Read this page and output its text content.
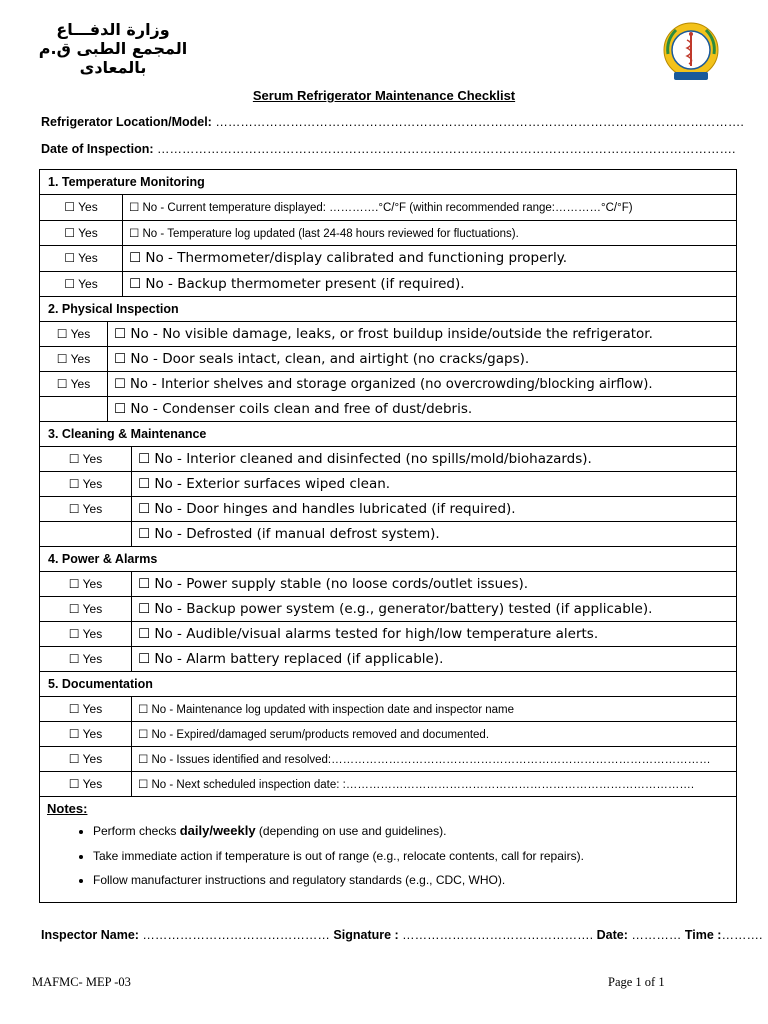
وزارة الدفـــاع
المجمع الطبى ق.م
بالمعادى
Serum Refrigerator Maintenance Checklist
Refrigerator Location/Model: ……………………………………………………………………………………………………………….
Date of Inspection: ………………………………………………………………………………………………………………………….
1. Temperature Monitoring
☐ Yes	☐ No - Current temperature displayed: ………….°C/°F (within recommended range:…………°C/°F)
☐ Yes	☐ No - Temperature log updated (last 24-48 hours reviewed for fluctuations).
☐ Yes	☐ No - Thermometer/display calibrated and functioning properly.
☐ Yes	☐ No - Backup thermometer present (if required).
2. Physical Inspection
☐ Yes	☐ No - No visible damage, leaks, or frost buildup inside/outside the refrigerator.
☐ Yes	☐ No - Door seals intact, clean, and airtight (no cracks/gaps).
☐ Yes	☐ No - Interior shelves and storage organized (no overcrowding/blocking airflow).
☐ No - Condenser coils clean and free of dust/debris.
3. Cleaning & Maintenance
☐ Yes	☐ No - Interior cleaned and disinfected (no spills/mold/biohazards).
☐ Yes	☐ No - Exterior surfaces wiped clean.
☐ Yes	☐ No - Door hinges and handles lubricated (if required).
☐ No - Defrosted (if manual defrost system).
4. Power & Alarms
☐ Yes	☐ No - Power supply stable (no loose cords/outlet issues).
☐ Yes	☐ No - Backup power system (e.g., generator/battery) tested (if applicable).
☐ Yes	☐ No - Audible/visual alarms tested for high/low temperature alerts.
☐ Yes	☐ No - Alarm battery replaced (if applicable).
5. Documentation
☐ Yes	☐ No - Maintenance log updated with inspection date and inspector name
☐ Yes	☐ No - Expired/damaged serum/products removed and documented.
☐ Yes	☐ No - Issues identified and resolved:………………………………………………………………………………………
☐ Yes	☐ No - Next scheduled inspection date: :……………………………………………………………………………….
Notes:
• Perform checks daily/weekly (depending on use and guidelines).
• Take immediate action if temperature is out of range (e.g., relocate contents, call for repairs).
• Follow manufacturer instructions and regulatory standards (e.g., CDC, WHO).
Inspector Name: ……………………………………… Signature : ………………………………………. Date: ………… Time :……….
MAFMC- MEP -03	Page 1 of 1
